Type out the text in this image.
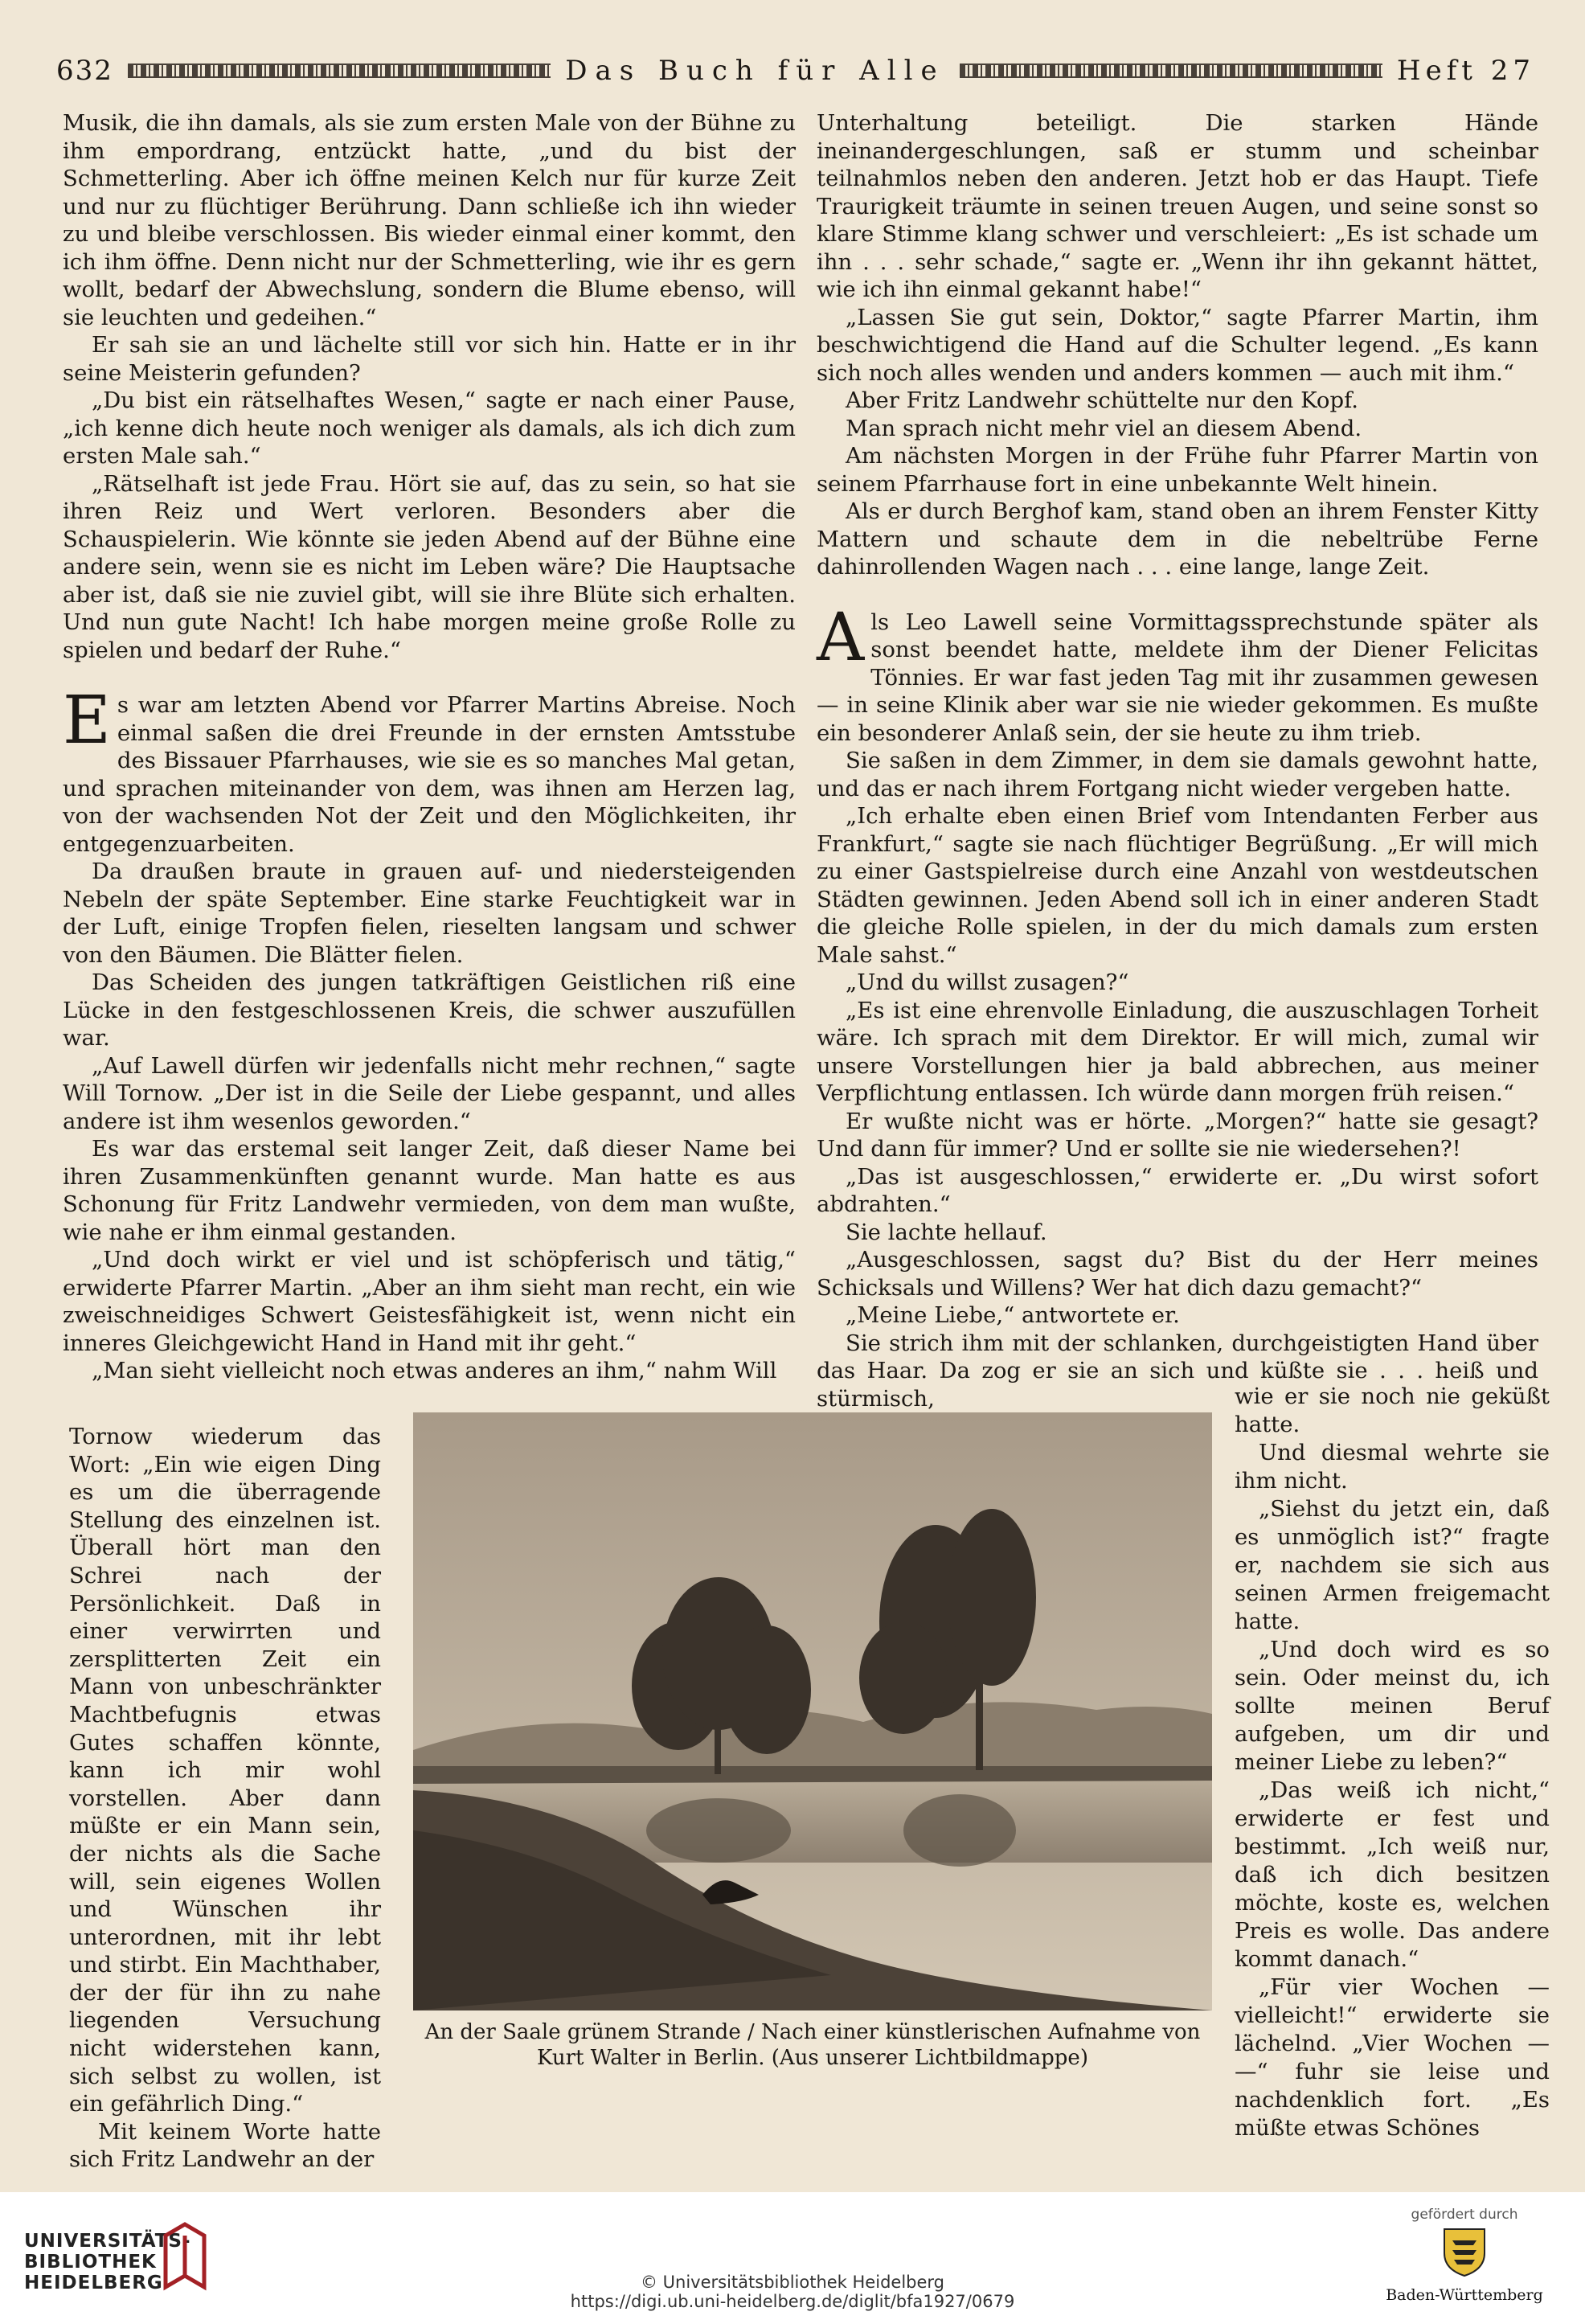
632	Das Buch für Alle	Heft 27

Musik, die ihn damals, als sie zum ersten Male von der Bühne zu ihm empordrang, entzückt hatte, „und du bist der Schmetterling. Aber ich öffne meinen Kelch nur für kurze Zeit und nur zu flüchtiger Berührung. Dann schließe ich ihn wieder zu und bleibe verschlossen. Bis wieder einmal einer kommt, den ich ihm öffne. Denn nicht nur der Schmetterling, wie ihr es gern wollt, bedarf der Abwechslung, sondern die Blume ebenso, will sie leuchten und gedeihen.“

Er sah sie an und lächelte still vor sich hin. Hatte er in ihr seine Meisterin gefunden?

„Du bist ein rätselhaftes Wesen,“ sagte er nach einer Pause, „ich kenne dich heute noch weniger als damals, als ich dich zum ersten Male sah.“

„Rätselhaft ist jede Frau. Hört sie auf, das zu sein, so hat sie ihren Reiz und Wert verloren. Besonders aber die Schauspielerin. Wie könnte sie jeden Abend auf der Bühne eine andere sein, wenn sie es nicht im Leben wäre? Die Hauptsache aber ist, daß sie nie zuviel gibt, will sie ihre Blüte sich erhalten. Und nun gute Nacht! Ich habe morgen meine große Rolle zu spielen und bedarf der Ruhe.“

Es war am letzten Abend vor Pfarrer Martins Abreise. Noch einmal saßen die drei Freunde in der ernsten Amtsstube des Bissauer Pfarrhauses, wie sie es so manches Mal getan, und sprachen miteinander von dem, was ihnen am Herzen lag, von der wachsenden Not der Zeit und den Möglichkeiten, ihr entgegenzuarbeiten.

Da draußen braute in grauen auf- und niedersteigenden Nebeln der späte September. Eine starke Feuchtigkeit war in der Luft, einige Tropfen fielen, rieselten langsam und schwer von den Bäumen. Die Blätter fielen.

Das Scheiden des jungen tatkräftigen Geistlichen riß eine Lücke in den festgeschlossenen Kreis, die schwer auszufüllen war.

„Auf Lawell dürfen wir jedenfalls nicht mehr rechnen,“ sagte Will Tornow. „Der ist in die Seile der Liebe gespannt, und alles andere ist ihm wesenlos geworden.“

Es war das erstemal seit langer Zeit, daß dieser Name bei ihren Zusammenkünften genannt wurde. Man hatte es aus Schonung für Fritz Landwehr vermieden, von dem man wußte, wie nahe er ihm einmal gestanden.

„Und doch wirkt er viel und ist schöpferisch und tätig,“ erwiderte Pfarrer Martin. „Aber an ihm sieht man recht, ein wie zweischneidiges Schwert Geistesfähigkeit ist, wenn nicht ein inneres Gleichgewicht Hand in Hand mit ihr geht.“

„Man sieht vielleicht noch etwas anderes an ihm,“ nahm Will

Tornow wiederum das Wort: „Ein wie eigen Ding es um die überragende Stellung des einzelnen ist. Überall hört man den Schrei nach der Persönlichkeit. Daß in einer verwirrten und zersplitterten Zeit ein Mann von unbeschränkter Machtbefugnis etwas Gutes schaffen könnte, kann ich mir wohl vorstellen. Aber dann müßte er ein Mann sein, der nichts als die Sache will, sein eigenes Wollen und Wünschen ihr unterordnen, mit ihr lebt und stirbt. Ein Machthaber, der der für ihn zu nahe liegenden Versuchung nicht widerstehen kann, sich selbst zu wollen, ist ein gefährlich Ding.“

Mit keinem Worte hatte sich Fritz Landwehr an der

Unterhaltung beteiligt. Die starken Hände ineinandergeschlungen, saß er stumm und scheinbar teilnahmlos neben den anderen. Jetzt hob er das Haupt. Tiefe Traurigkeit träumte in seinen treuen Augen, und seine sonst so klare Stimme klang schwer und verschleiert: „Es ist schade um ihn . . . sehr schade,“ sagte er. „Wenn ihr ihn gekannt hättet, wie ich ihn einmal gekannt habe!“

„Lassen Sie gut sein, Doktor,“ sagte Pfarrer Martin, ihm beschwichtigend die Hand auf die Schulter legend. „Es kann sich noch alles wenden und anders kommen — auch mit ihm.“

Aber Fritz Landwehr schüttelte nur den Kopf.

Man sprach nicht mehr viel an diesem Abend.

Am nächsten Morgen in der Frühe fuhr Pfarrer Martin von seinem Pfarrhause fort in eine unbekannte Welt hinein.

Als er durch Berghof kam, stand oben an ihrem Fenster Kitty Mattern und schaute dem in die nebeltrübe Ferne dahinrollenden Wagen nach . . . eine lange, lange Zeit.

Als Leo Lawell seine Vormittagssprechstunde später als sonst beendet hatte, meldete ihm der Diener Felicitas Tönnies. Er war fast jeden Tag mit ihr zusammen gewesen — in seine Klinik aber war sie nie wieder gekommen. Es mußte ein besonderer Anlaß sein, der sie heute zu ihm trieb.

Sie saßen in dem Zimmer, in dem sie damals gewohnt hatte, und das er nach ihrem Fortgang nicht wieder vergeben hatte.

„Ich erhalte eben einen Brief vom Intendanten Ferber aus Frankfurt,“ sagte sie nach flüchtiger Begrüßung. „Er will mich zu einer Gastspielreise durch eine Anzahl von westdeutschen Städten gewinnen. Jeden Abend soll ich in einer anderen Stadt die gleiche Rolle spielen, in der du mich damals zum ersten Male sahst.“

„Und du willst zusagen?“

„Es ist eine ehrenvolle Einladung, die auszuschlagen Torheit wäre. Ich sprach mit dem Direktor. Er will mich, zumal wir unsere Vorstellungen hier ja bald abbrechen, aus meiner Verpflichtung entlassen. Ich würde dann morgen früh reisen.“

Er wußte nicht was er hörte. „Morgen?“ hatte sie gesagt? Und dann für immer? Und er sollte sie nie wiedersehen?!

„Das ist ausgeschlossen,“ erwiderte er. „Du wirst sofort abdrahten.“

Sie lachte hellauf.

„Ausgeschlossen, sagst du? Bist du der Herr meines Schicksals und Willens? Wer hat dich dazu gemacht?“

„Meine Liebe,“ antwortete er.

Sie strich ihm mit der schlanken, durchgeistigten Hand über das Haar. Da zog er sie an sich und küßte sie . . . heiß und stürmisch,	wie er sie noch nie geküßt hatte.

Und diesmal wehrte sie ihm nicht.

„Siehst du jetzt ein, daß es unmöglich ist?“ fragte er, nachdem sie sich aus seinen Armen freigemacht hatte.

„Und doch wird es so sein. Oder meinst du, ich sollte meinen Beruf aufgeben, um dir und meiner Liebe zu leben?“

„Das weiß ich nicht,“ erwiderte er fest und bestimmt. „Ich weiß nur, daß ich dich besitzen möchte, koste es, welchen Preis es wolle. Das andere kommt danach.“

„Für vier Wochen — vielleicht!“ erwiderte sie lächelnd. „Vier Wochen — —“ fuhr sie leise und nachdenklich fort. „Es müßte etwas Schönes

An der Saale grünem Strande / Nach einer künstlerischen Aufnahme von
Kurt Walter in Berlin. (Aus unserer Lichtbildmappe)
UNIVERSITÄTS-
BIBLIOTHEK
HEIDELBERG	© Universitätsbibliothek Heidelberg
https://digi.ub.uni-heidelberg.de/diglit/bfa1927/0679
gefördert durch
Baden-Württemberg
